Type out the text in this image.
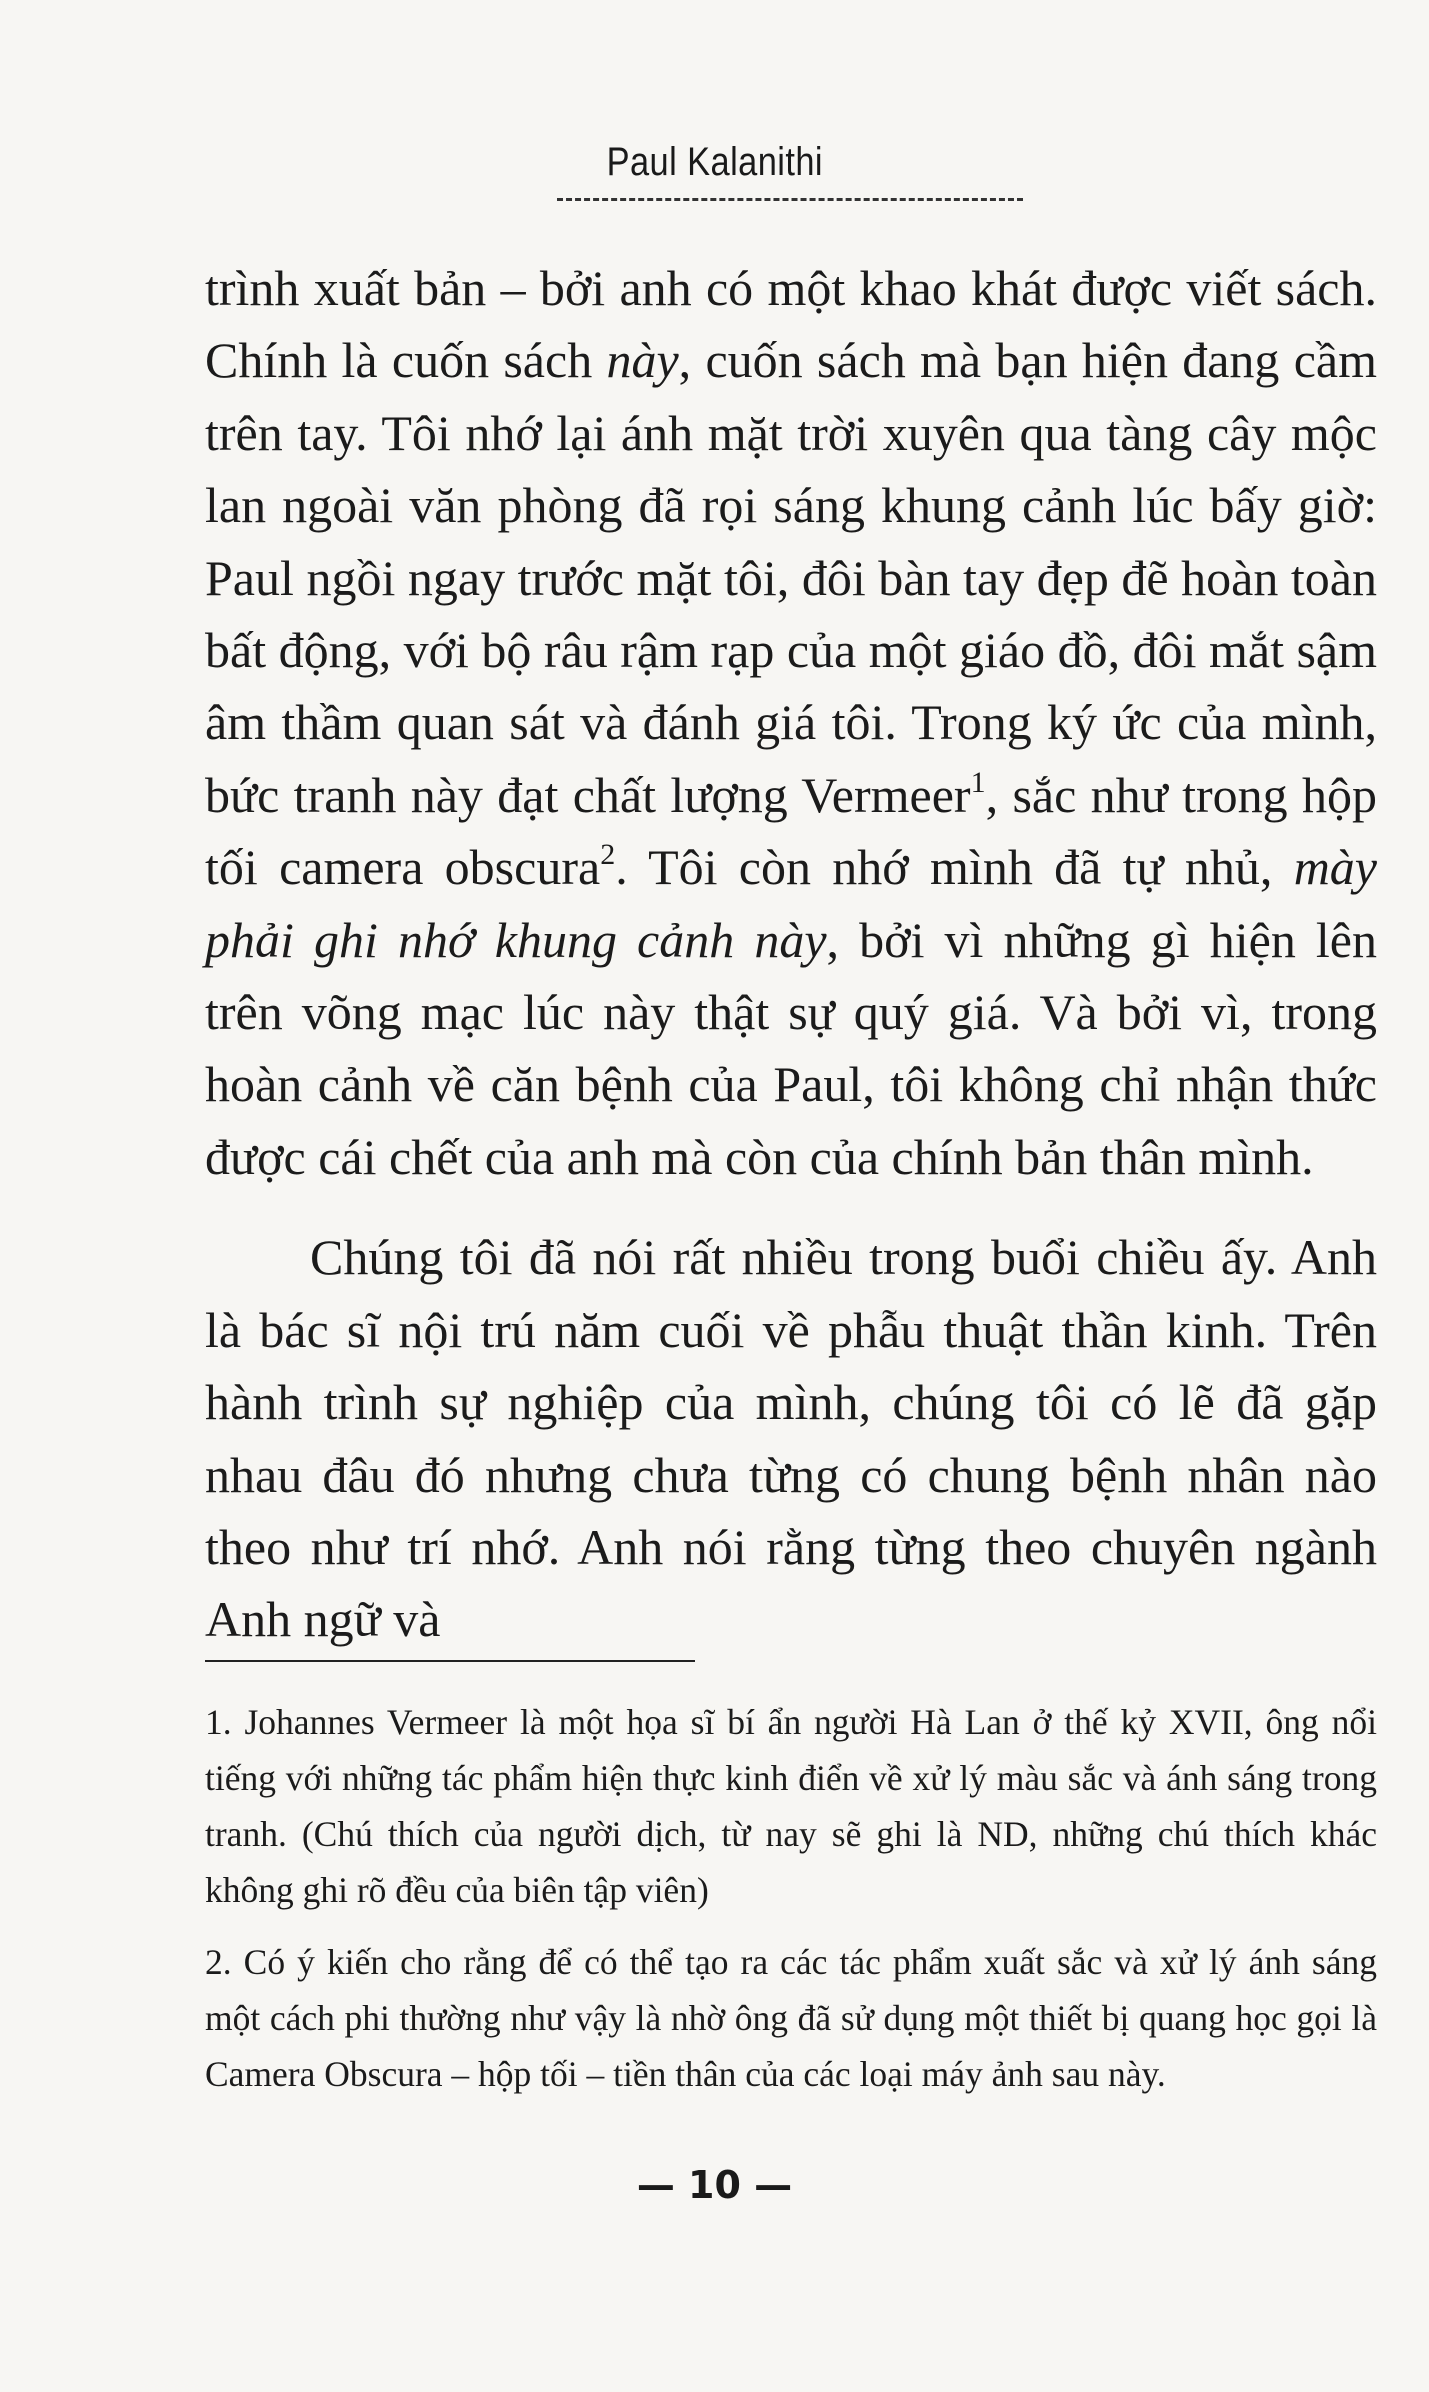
Paul Kalanithi

trình xuất bản – bởi anh có một khao khát được viết sách. Chính là cuốn sách này, cuốn sách mà bạn hiện đang cầm trên tay. Tôi nhớ lại ánh mặt trời xuyên qua tàng cây mộc lan ngoài văn phòng đã rọi sáng khung cảnh lúc bấy giờ: Paul ngồi ngay trước mặt tôi, đôi bàn tay đẹp đẽ hoàn toàn bất động, với bộ râu rậm rạp của một giáo đồ, đôi mắt sậm âm thầm quan sát và đánh giá tôi. Trong ký ức của mình, bức tranh này đạt chất lượng Vermeer$^1$, sắc như trong hộp tối camera obscura$^2$. Tôi còn nhớ mình đã tự nhủ, mày phải ghi nhớ khung cảnh này, bởi vì những gì hiện lên trên võng mạc lúc này thật sự quý giá. Và bởi vì, trong hoàn cảnh về căn bệnh của Paul, tôi không chỉ nhận thức được cái chết của anh mà còn của chính bản thân mình.

Chúng tôi đã nói rất nhiều trong buổi chiều ấy. Anh là bác sĩ nội trú năm cuối về phẫu thuật thần kinh. Trên hành trình sự nghiệp của mình, chúng tôi có lẽ đã gặp nhau đâu đó nhưng chưa từng có chung bệnh nhân nào theo như trí nhớ. Anh nói rằng từng theo chuyên ngành Anh ngữ và

1. Johannes Vermeer là một họa sĩ bí ẩn người Hà Lan ở thế kỷ XVII, ông nổi tiếng với những tác phẩm hiện thực kinh điển về xử lý màu sắc và ánh sáng trong tranh. (Chú thích của người dịch, từ nay sẽ ghi là ND, những chú thích khác không ghi rõ đều của biên tập viên)

2. Có ý kiến cho rằng để có thể tạo ra các tác phẩm xuất sắc và xử lý ánh sáng một cách phi thường như vậy là nhờ ông đã sử dụng một thiết bị quang học gọi là Camera Obscura – hộp tối – tiền thân của các loại máy ảnh sau này.

— 10 —
